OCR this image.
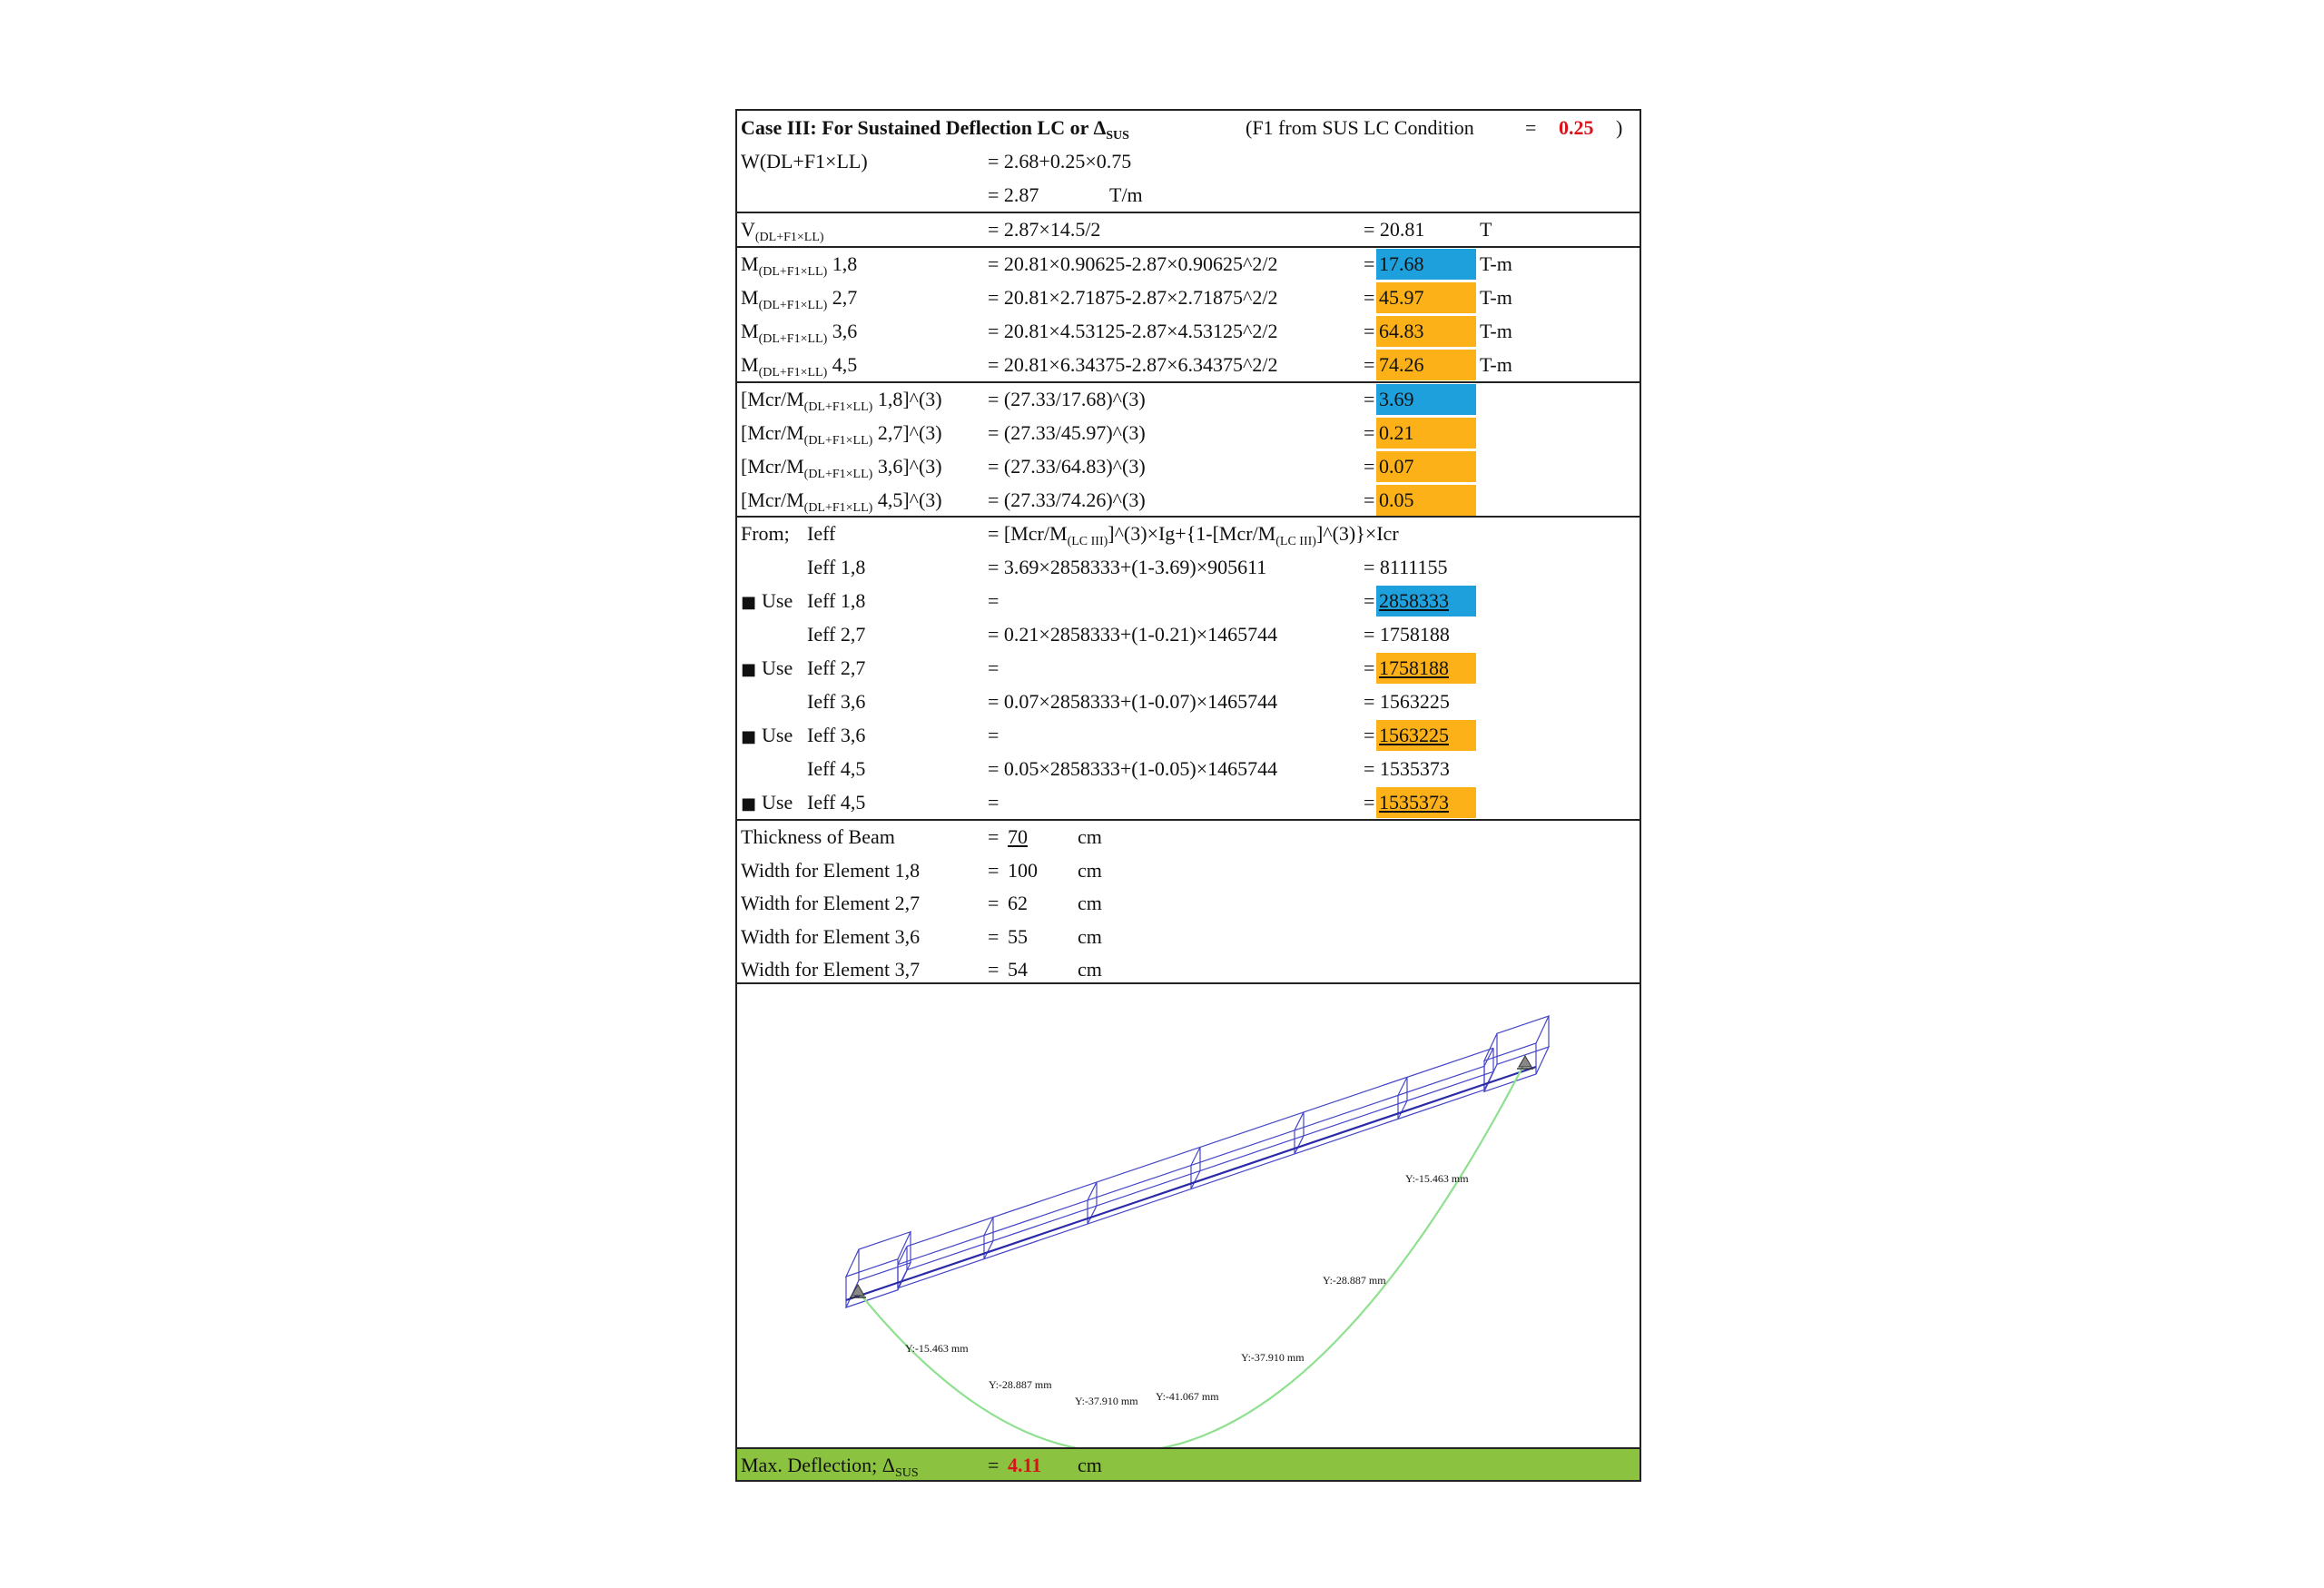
Case III: For Sustained Deflection LC or $\Delta_{SUS}$	(F1 from SUS LC Condition	= 0.25 )
W(DL+F1×LL)	= 2.68+0.25×0.75
= 2.87	T/m
$V_{(DL+F1\times LL)}$	= 2.87×14.5/2	= 20.81	T
$M_{(DL+F1\times LL)}$ 1,8	= 20.81×0.90625-2.87×0.90625^2/2	= 17.68	T-m
$M_{(DL+F1\times LL)}$ 2,7	= 20.81×2.71875-2.87×2.71875^2/2	= 45.97	T-m
$M_{(DL+F1\times LL)}$ 3,6	= 20.81×4.53125-2.87×4.53125^2/2	= 64.83	T-m
$M_{(DL+F1\times LL)}$ 4,5	= 20.81×6.34375-2.87×6.34375^2/2	= 74.26	T-m
[$Mcr/M_{(DL+F1\times LL)}$ 1,8]^(3) = (27.33/17.68)^(3)	= 3.69
[$Mcr/M_{(DL+F1\times LL)}$ 2,7]^(3) = (27.33/45.97)^(3)	= 0.21
[$Mcr/M_{(DL+F1\times LL)}$ 3,6]^(3) = (27.33/64.83)^(3)	= 0.07
[$Mcr/M_{(DL+F1\times LL)}$ 4,5]^(3) = (27.33/74.26)^(3)	= 0.05
From; Ieff	= $[Mcr/M_{(LC III)}]\^{}(3)\times Ig+\{1-[Mcr/M_{(LC III)}]\^{}(3)\}\times Icr$
Ieff 1,8	= 3.69×2858333+(1-3.69)×905611	= 8111155
■ Use Ieff 1,8	=	= 2858333
Ieff 2,7	= 0.21×2858333+(1-0.21)×1465744	= 1758188
■ Use Ieff 2,7	=	= 1758188
Ieff 3,6	= 0.07×2858333+(1-0.07)×1465744	= 1563225
■ Use Ieff 3,6	=	= 1563225
Ieff 4,5	= 0.05×2858333+(1-0.05)×1465744	= 1535373
■ Use Ieff 4,5	=	= 1535373
Thickness of Beam	= 70	cm
Width for Element 1,8	= 100 cm
Width for Element 2,7	= 62	cm
Width for Element 3,6	= 55	cm
Width for Element 3,7	= 54	cm
Y:-15.463 mm
Y:-28.887 mm
Y:-37.910 mm Y:-41.067 mm
Y:-37.910 mm
Y:-28.887 mm
Y:-15.463 mm
Max. Deflection; $\Delta_{SUS}$	= 4.11 cm
